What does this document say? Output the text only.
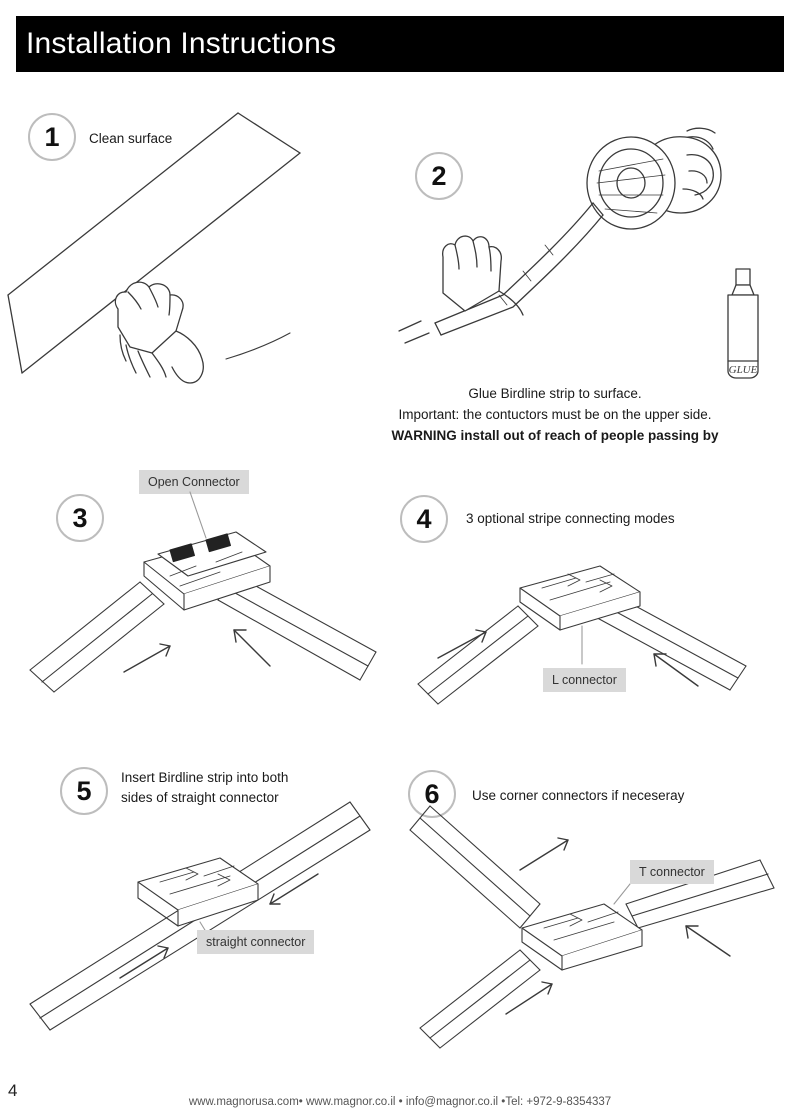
Installation Instructions
1 Clean surface
2
GLUE
Glue Birdline strip to surface.
Important: the contuctors must be on the upper side.
WARNING install out of reach of people passing by
Open Connector
3	4	3 optional stripe connecting modes
L connector
5 Insert Birdline strip into both sides of straight connector
straight connector
6 Use corner connectors if neceseray
T connector
4
www.magnorusa.com• www.magnor.co.il • info@magnor.co.il •Tel: +972-9-8354337
